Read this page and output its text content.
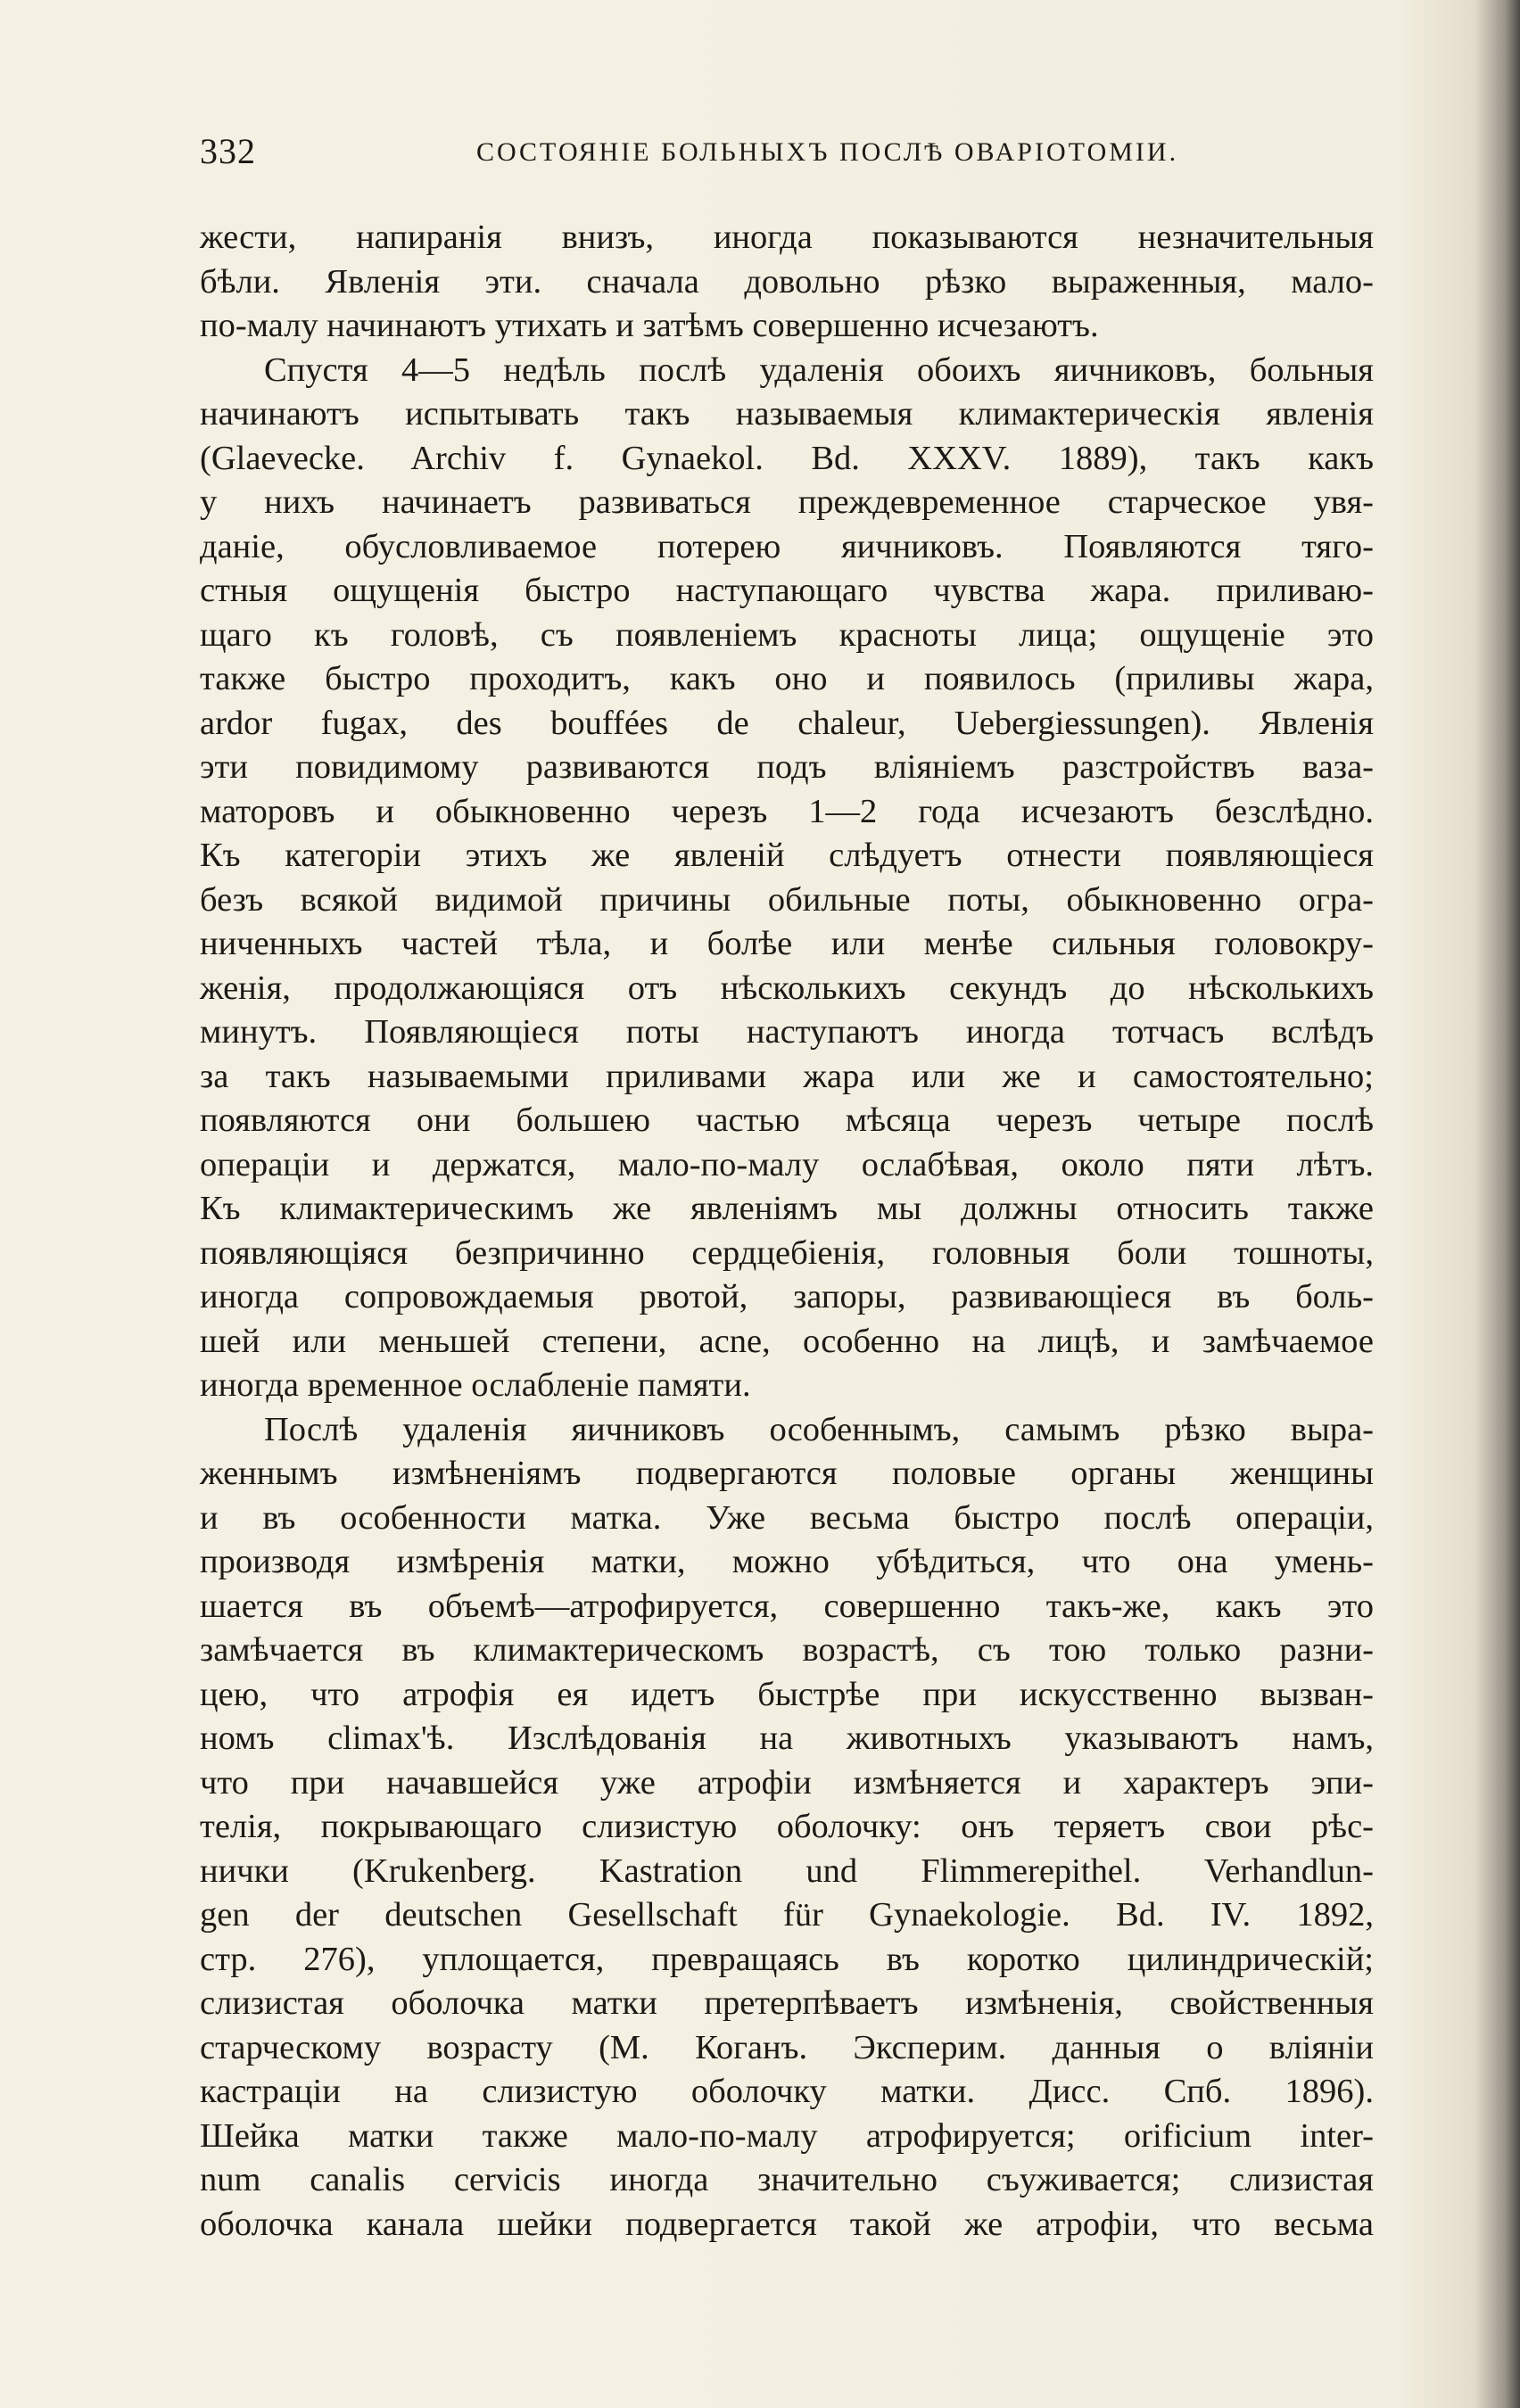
332	СОСТОЯНIЕ БОЛЬНЫХЪ ПОСЛѢ ОВАРIОТОМIИ.
жести, напиранiя внизъ, иногда показываются незначительныя
бѣли. Явленiя эти. сначала довольно рѣзко выраженныя, мало-
по-малу начинаютъ утихать и затѣмъ совершенно исчезаютъ.
Спустя 4—5 недѣль послѣ удаленiя обоихъ яичниковъ, больныя
начинаютъ испытывать такъ называемыя климактерическiя явленiя
(Glaevecke. Archiv f. Gynaekol. Bd. XXXV. 1889), такъ какъ
у нихъ начинаетъ развиваться преждевременное старческое увя-
данiе, обусловливаемое потерею яичниковъ. Появляются тяго-
стныя ощущенiя быстро наступающаго чувства жара. приливаю-
щаго къ головѣ, съ появленiемъ красноты лица; ощущенiе это
также быстро проходитъ, какъ оно и появилось (приливы жара,
ardor fugax, des bouffées de chaleur, Uebergiessungen). Явленiя
эти повидимому развиваются подъ влiянiемъ разстройствъ ваза-
маторовъ и обыкновенно черезъ 1—2 года исчезаютъ безслѣдно.
Къ категорiи этихъ же явленiй слѣдуетъ отнести появляющiеся
безъ всякой видимой причины обильные поты, обыкновенно огра-
ниченныхъ частей тѣла, и болѣе или менѣе сильныя головокру-
женiя, продолжающiяся отъ нѣсколькихъ секундъ до нѣсколькихъ
минутъ. Появляющiеся поты наступаютъ иногда тотчасъ вслѣдъ
за такъ называемыми приливами жара или же и самостоятельно;
появляются они большею частью мѣсяца черезъ четыре послѣ
операцiи и держатся, мало-по-малу ослабѣвая, около пяти лѣтъ.
Къ климактерическимъ же явленiямъ мы должны относить также
появляющiяся безпричинно сердцебiенiя, головныя боли тошноты,
иногда сопровождаемыя рвотой, запоры, развивающiеся въ боль-
шей или меньшей степени, acne, особенно на лицѣ, и замѣчаемое
иногда временное ослабленiе памяти.
Послѣ удаленiя яичниковъ особеннымъ, самымъ рѣзко выра-
женнымъ измѣненiямъ подвергаются половые органы женщины
и въ особенности матка. Уже весьма быстро послѣ операцiи,
производя измѣренiя матки, можно убѣдиться, что она умень-
шается въ объемѣ—атрофируется, совершенно такъ-же, какъ это
замѣчается въ климактерическомъ возрастѣ, съ тою только разни-
цею, что атрофiя ея идетъ быстрѣе при искусственно вызван-
номъ climax'ѣ. Изслѣдованiя на животныхъ указываютъ намъ,
что при начавшейся уже атрофiи измѣняется и характеръ эпи-
телiя, покрывающаго слизистую оболочку: онъ теряетъ свои рѣс-
нички (Krukenberg. Kastration und Flimmerepithel. Verhandlun-
gen der deutschen Gesellschaft für Gynaekologie. Bd. IV. 1892,
стр. 276), уплощается, превращаясь въ коротко цилиндрическiй;
слизистая оболочка матки претерпѣваетъ измѣненiя, свойственныя
старческому возрасту (М. Коганъ. Эксперим. данныя о влiянiи
кастрацiи на слизистую оболочку матки. Дисс. Спб. 1896).
Шейка матки также мало-по-малу атрофируется; orificium inter-
num canalis cervicis иногда значительно съуживается; слизистая
оболочка канала шейки подвергается такой же атрофiи, что весьма
